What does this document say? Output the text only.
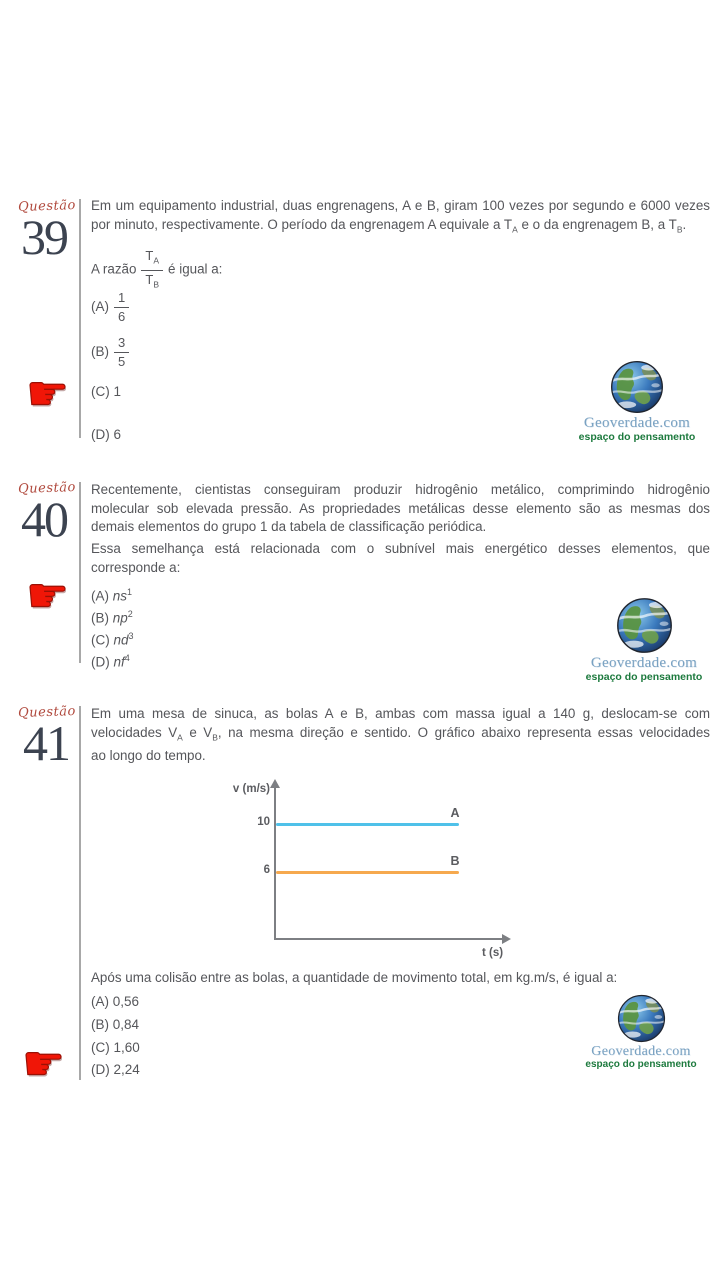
Questão
39
Em um equipamento industrial, duas engrenagens, A e B, giram 100 vezes por segundo e 6000 vezes
por minuto, respectivamente. O período da engrenagem A equivale a $T_A$ e o da engrenagem B, a $T_B$.
A razão $\frac{T_A}{T_B}$ é igual a:
$(A) \frac{1}{6}$
$(B) \frac{3}{5}$
(C) 1
(D) 6
☛
Geoverdade.com
espaço do pensamento
Questão
40
Recentemente, cientistas conseguiram produzir hidrogênio metálico, comprimindo hidrogênio
molecular sob elevada pressão. As propriedades metálicas desse elemento são as mesmas dos
demais elementos do grupo 1 da tabela de classificação periódica.
Essa semelhança está relacionada com o subnível mais energético desses elementos, que
corresponde a:
(A) $ns^1$
(B) $np^2$
(C) $nd^3$
(D) $nf^4$
☛
Geoverdade.com
espaço do pensamento
Questão
41
Em uma mesa de sinuca, as bolas A e B, ambas com massa igual a 140 g, deslocam-se com
velocidades $V_A$ e $V_B$, na mesma direção e sentido. O gráfico abaixo representa essas velocidades
ao longo do tempo.
v (m/s)
10
6
A
B
t (s)
Após uma colisão entre as bolas, a quantidade de movimento total, em kg.m/s, é igual a:
(A) 0,56
(B) 0,84
(C) 1,60
(D) 2,24
☛	Geoverdade.com
espaço do pensamento
